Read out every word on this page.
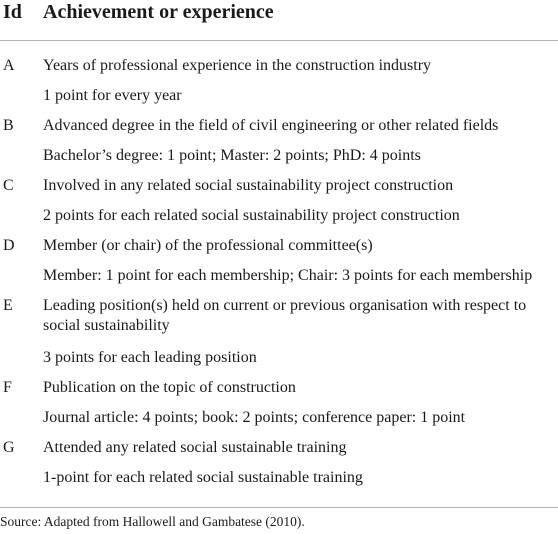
Id Achievement or experience
A Years of professional experience in the construction industry
1 point for every year
B Advanced degree in the field of civil engineering or other related fields
Bachelor’s degree: 1 point; Master: 2 points; PhD: 4 points
C Involved in any related social sustainability project construction
2 points for each related social sustainability project construction
D Member (or chair) of the professional committee(s)
Member: 1 point for each membership; Chair: 3 points for each membership
E Leading position(s) held on current or previous organisation with respect to social sustainability
3 points for each leading position
F Publication on the topic of construction
Journal article: 4 points; book: 2 points; conference paper: 1 point
G Attended any related social sustainable training
1-point for each related social sustainable training
Source: Adapted from Hallowell and Gambatese (2010).
